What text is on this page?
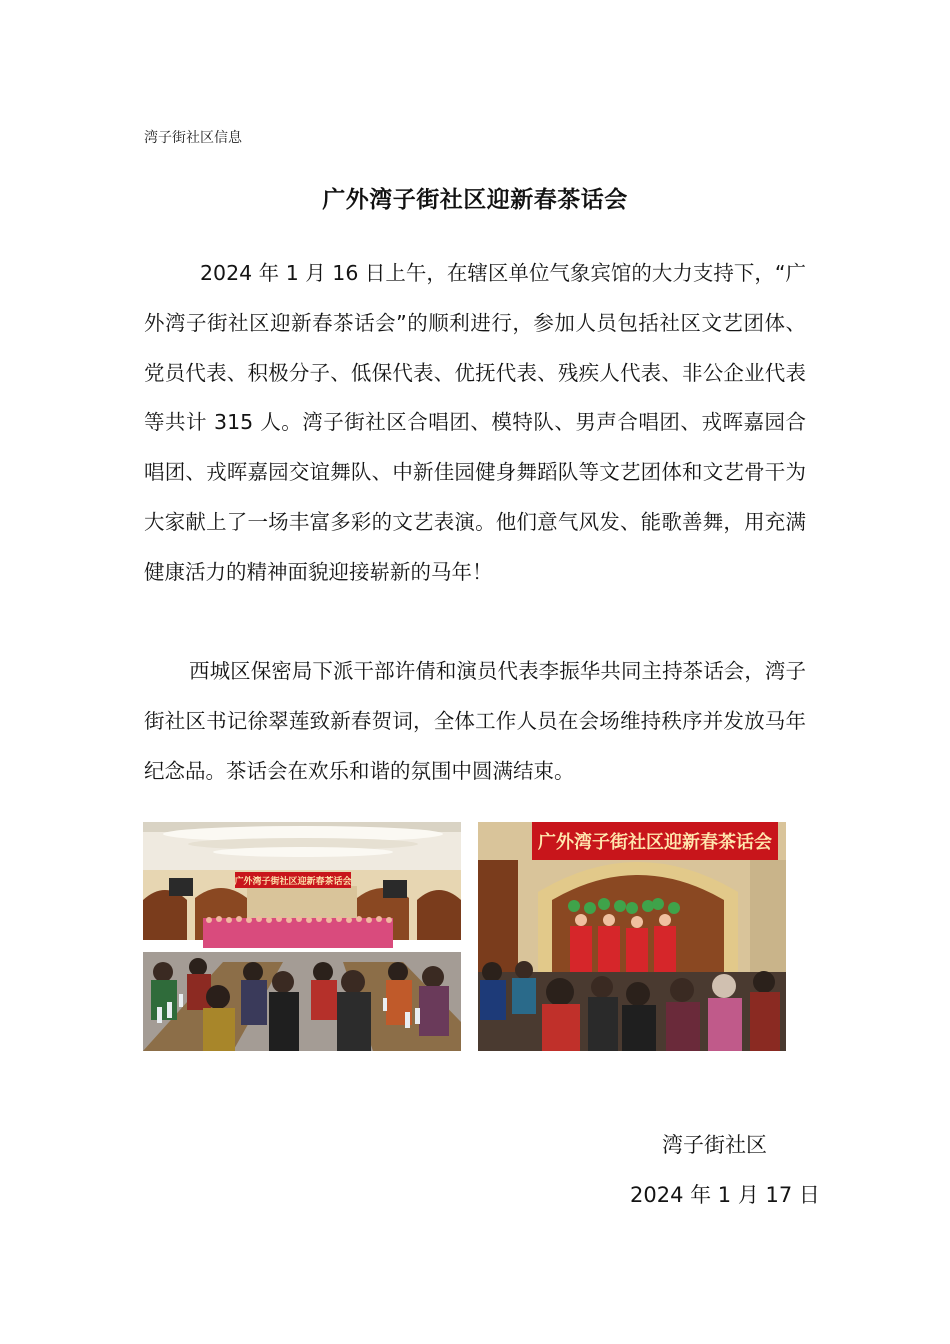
湾子街社区信息
广外湾子街社区迎新春茶话会
2024 年 1 月 16 日上午，在辖区单位气象宾馆的大力支持下，“广外湾子街社区迎新春茶话会”的顺利进行，参加人员包括社区文艺团体、党员代表、积极分子、低保代表、优抚代表、残疾人代表、非公企业代表等共计 315 人。湾子街社区合唱团、模特队、男声合唱团、戎晖嘉园合唱团、戎晖嘉园交谊舞队、中新佳园健身舞蹈队等文艺团体和文艺骨干为大家献上了一场丰富多彩的文艺表演。他们意气风发、能歌善舞，用充满健康活力的精神面貌迎接崭新的马年！
西城区保密局下派干部许倩和演员代表李振华共同主持茶话会，湾子街社区书记徐翠莲致新春贺词，全体工作人员在会场维持秩序并发放马年纪念品。茶话会在欢乐和谐的氛围中圆满结束。
广外湾子街社区迎新春茶话会
广外湾子街社区迎新春茶话会
湾子街社区
2024 年 1 月 17 日
